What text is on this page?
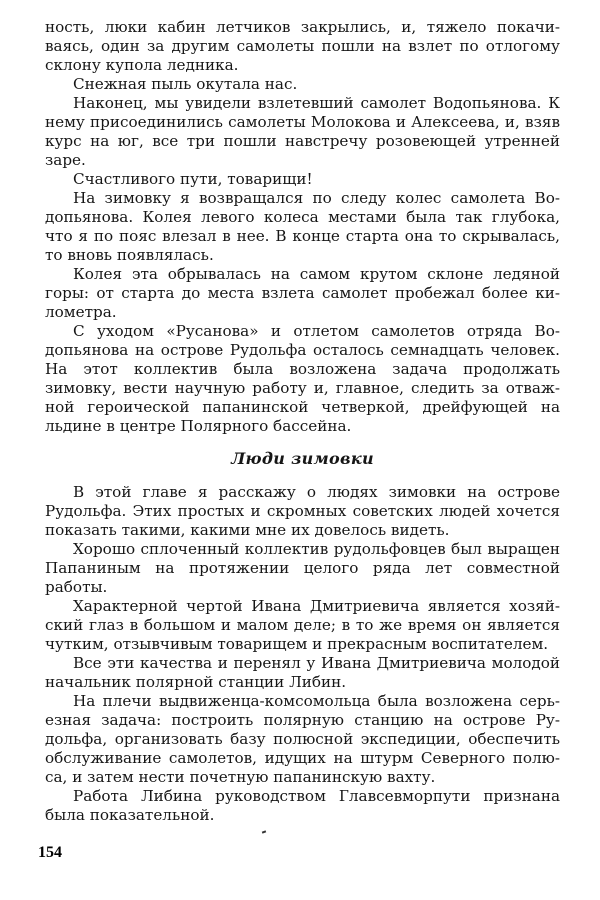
ность, люки кабин летчиков закрылись, и, тяжело покачиваясь, один за другим самолеты пошли на взлет по отлогому склону купола ледника.

Снежная пыль окутала нас.

Наконец, мы увидели взлетевший самолет Водопьянова. К нему присоединились самолеты Молокова и Алексеева, и, взяв курс на юг, все три пошли навстречу розовеющей утренней заре.

Счастливого пути, товарищи!

На зимовку я возвращался по следу колес самолета Водопьянова. Колея левого колеса местами была так глубока, что я по пояс влезал в нее. В конце старта она то скрывалась, то вновь появлялась.

Колея эта обрывалась на самом крутом склоне ледяной горы: от старта до места взлета самолет пробежал более километра.

С уходом «Русанова» и отлетом самолетов отряда Водопьянова на острове Рудольфа осталось семнадцать человек. На этот коллектив была возложена задача продолжать зимовку, вести научную работу и, главное, следить за отважной героической папанинской четверкой, дрейфующей на льдине в центре Полярного бассейна.

Люди зимовки

В этой главе я расскажу о людях зимовки на острове Рудольфа. Этих простых и скромных советских людей хочется показать такими, какими мне их довелось видеть.

Хорошо сплоченный коллектив рудольфовцев был выращен Папаниным на протяжении целого ряда лет совместной работы.

Характерной чертой Ивана Дмитриевича является хозяйский глаз в большом и малом деле; в то же время он является чутким, отзывчивым товарищем и прекрасным воспитателем.

Все эти качества и перенял у Ивана Дмитриевича молодой начальник полярной станции Либин.

На плечи выдвиженца-комсомольца была возложена серьезная задача: построить полярную станцию на острове Рудольфа, организовать базу полюсной экспедиции, обеспечить обслуживание самолетов, идущих на штурм Северного полюса, и затем нести почетную папанинскую вахту.

Работа Либина руководством Главсевморпути признана была показательной.

154
